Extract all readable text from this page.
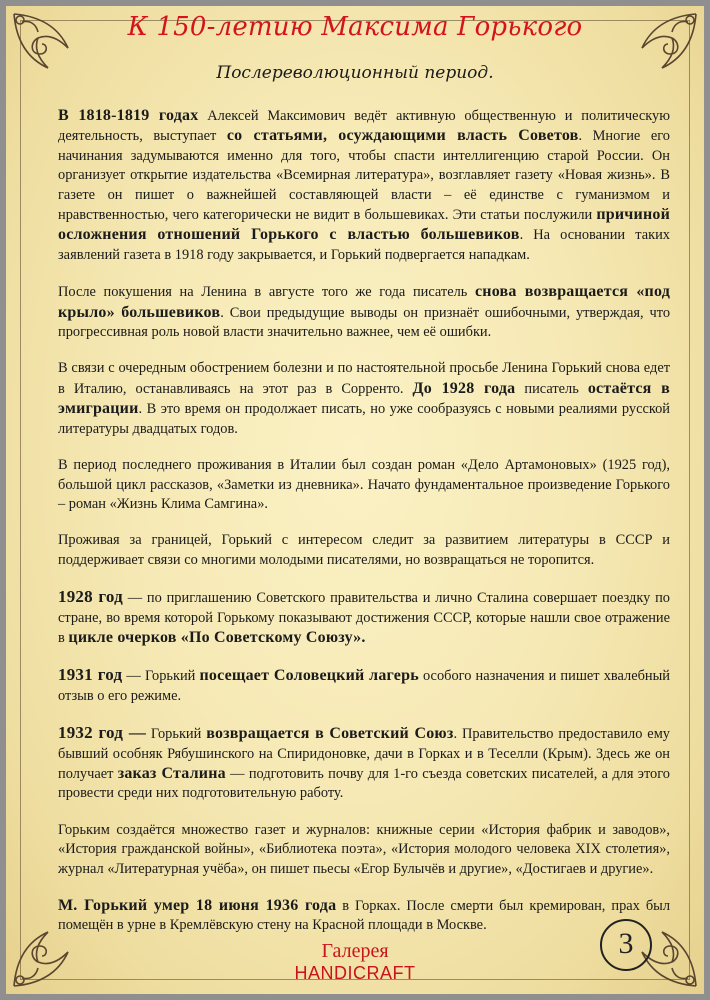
К 150-летию Максима Горького
Послереволюционный период.

В 1818-1819 годах Алексей Максимович ведёт активную общественную и политическую деятельность, выступает со статьями, осуждающими власть Советов. Многие его начинания задумываются именно для того, чтобы спасти интеллигенцию старой России. Он организует открытие издательства «Всемирная литература», возглавляет газету «Новая жизнь». В газете он пишет о важнейшей составляющей власти – её единстве с гуманизмом и нравственностью, чего категорически не видит в большевиках. Эти статьи послужили причиной осложнения отношений Горького с властью большевиков. На основании таких заявлений газета в 1918 году закрывается, и Горький подвергается нападкам.

После покушения на Ленина в августе того же года писатель снова возвращается «под крыло» большевиков. Свои предыдущие выводы он признаёт ошибочными, утверждая, что прогрессивная роль новой власти значительно важнее, чем её ошибки.

В связи с очередным обострением болезни и по настоятельной просьбе Ленина Горький снова едет в Италию, останавливаясь на этот раз в Сорренто. До 1928 года писатель остаётся в эмиграции. В это время он продолжает писать, но уже сообразуясь с новыми реалиями русской литературы двадцатых годов.

В период последнего проживания в Италии был создан роман «Дело Артамоновых» (1925 год), большой цикл рассказов, «Заметки из дневника». Начато фундаментальное произведение Горького – роман «Жизнь Клима Самгина».

Проживая за границей, Горький с интересом следит за развитием литературы в СССР и поддерживает связи со многими молодыми писателями, но возвращаться не торопится.

1928 год — по приглашению Советского правительства и лично Сталина совершает поездку по стране, во время которой Горькому показывают достижения СССР, которые нашли свое отражение в цикле очерков «По Советскому Союзу».

1931 год — Горький посещает Соловецкий лагерь особого назначения и пишет хвалебный отзыв о его режиме.

1932 год — Горький возвращается в Советский Союз. Правительство предоставило ему бывший особняк Рябушинского на Спиридоновке, дачи в Горках и в Теселли (Крым). Здесь же он получает заказ Сталина — подготовить почву для 1-го съезда советских писателей, а для этого провести среди них подготовительную работу.

Горьким создаётся множество газет и журналов: книжные серии «История фабрик и заводов», «История гражданской войны», «Библиотека поэта», «История молодого человека XIX столетия», журнал «Литературная учёба», он пишет пьесы «Егор Булычёв и другие», «Достигаев и другие».

М. Горький умер 18 июня 1936 года в Горках. После смерти был кремирован, прах был помещён в урне в Кремлёвскую стену на Красной площади в Москве.

3
Галерея
HANDICRAFT
